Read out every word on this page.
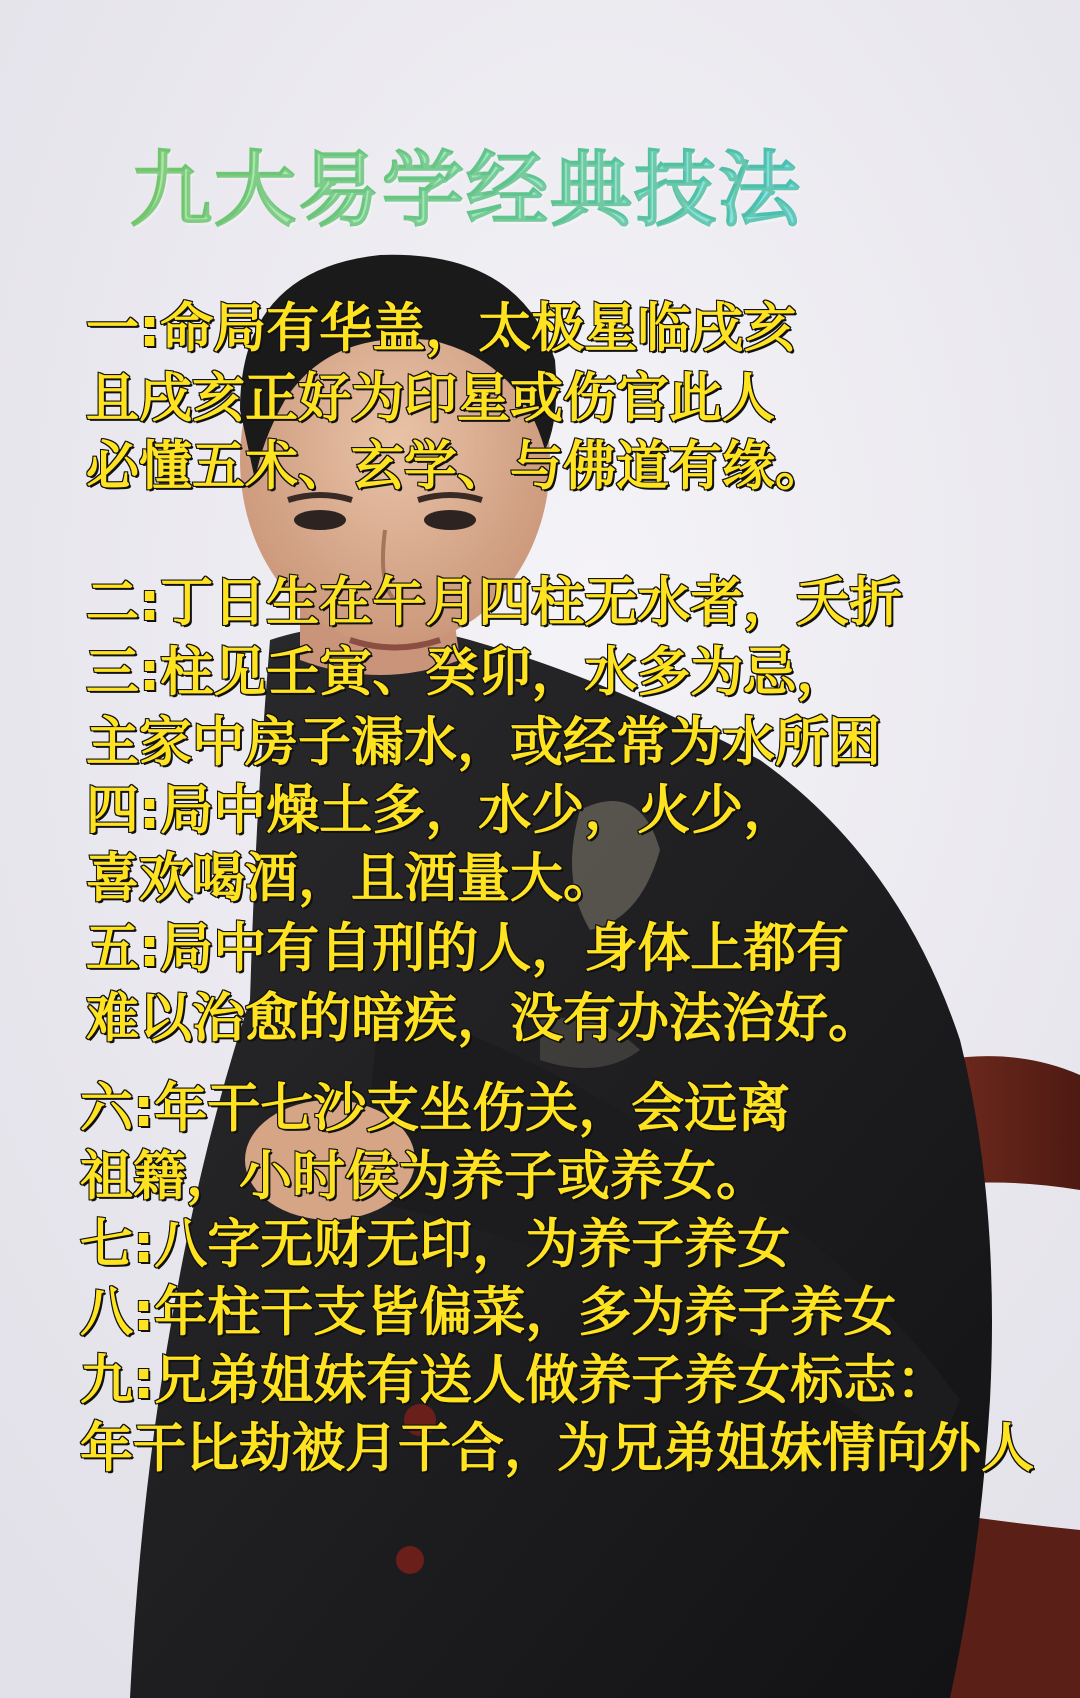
九大易学经典技法
一:命局有华盖，太极星临戌亥
且戌亥正好为印星或伤官此人
必懂五术、玄学、与佛道有缘。
二:丁日生在午月四柱无水者，夭折
三:柱见壬寅、癸卯，水多为忌，
主家中房子漏水，或经常为水所困
四:局中燥土多，水少，火少，
喜欢喝酒，且酒量大。
五:局中有自刑的人，身体上都有
难以治愈的暗疾，没有办法治好。
六:年干七沙支坐伤关，会远离
祖籍，小时侯为养子或养女。
七:八字无财无印，为养子养女
八:年柱干支皆偏菜，多为养子养女
九:兄弟姐妹有送人做养子养女标志：
年干比劫被月干合，为兄弟姐妹情向外人
